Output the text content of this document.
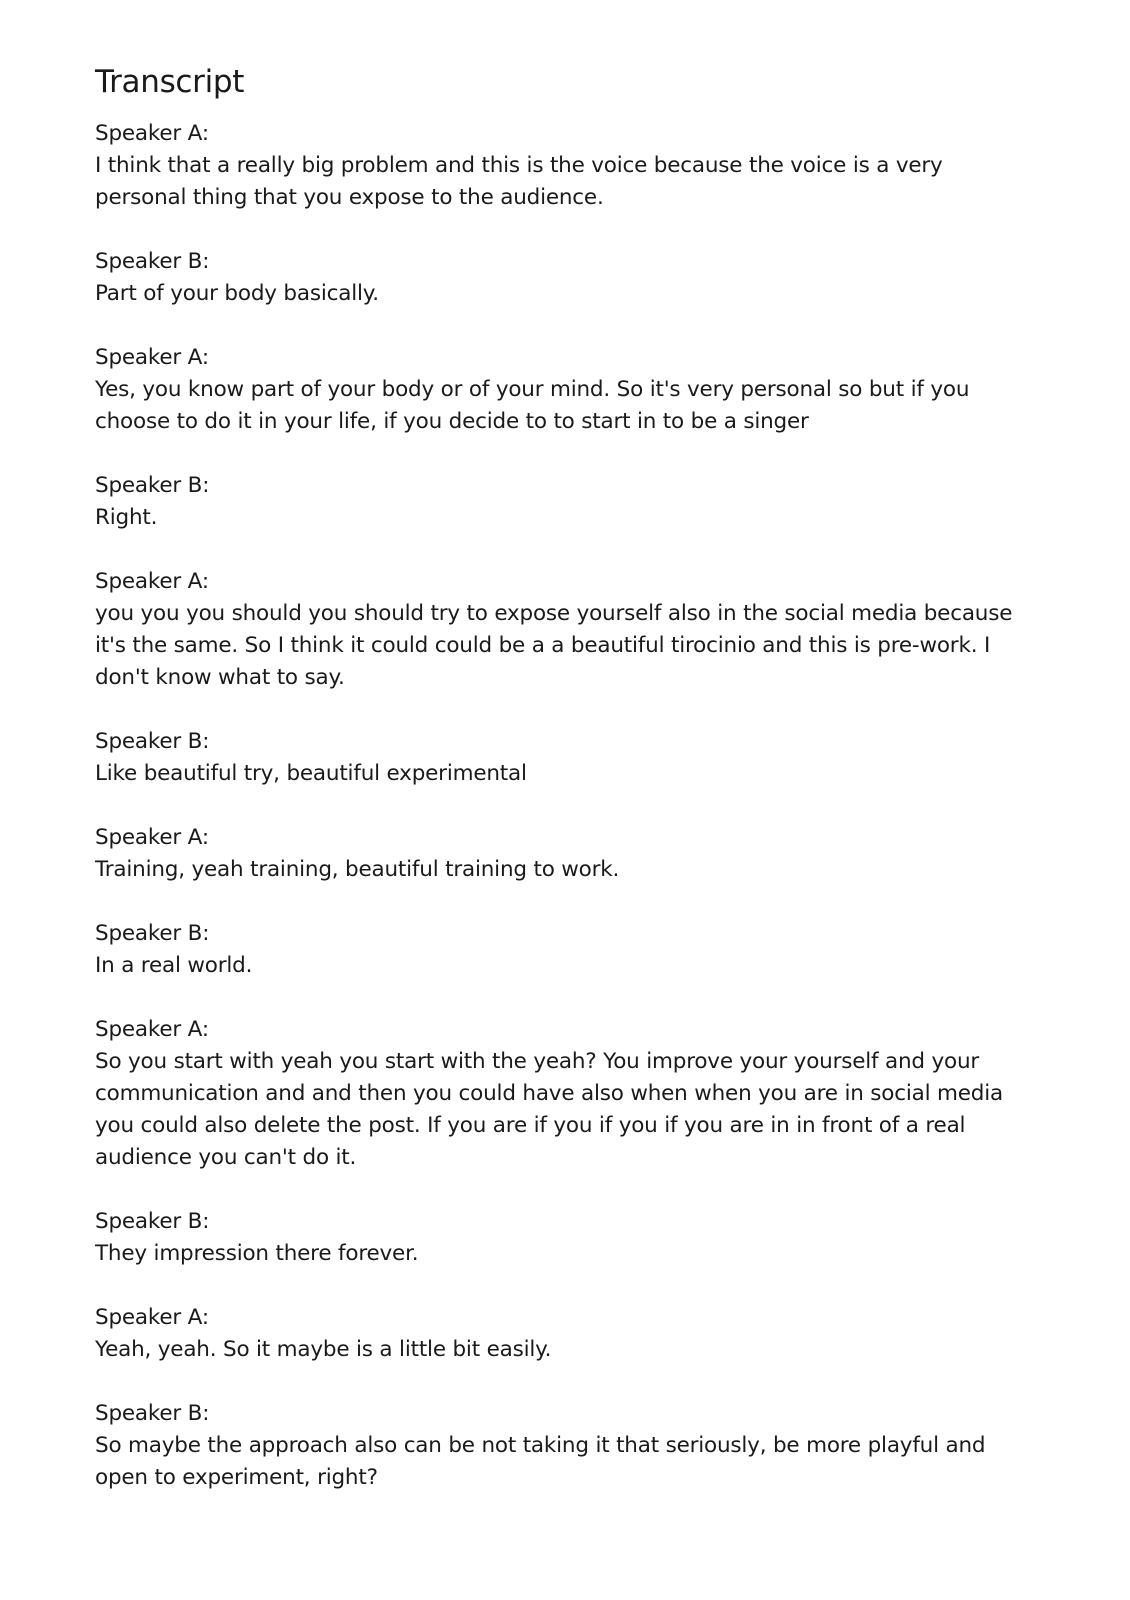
Transcript
Speaker A:
I think that a really big problem and this is the voice because the voice is a very personal thing that you expose to the audience.
Speaker B:
Part of your body basically.
Speaker A:
Yes, you know part of your body or of your mind. So it's very personal so but if you choose to do it in your life, if you decide to to start in to be a singer
Speaker B:
Right.
Speaker A:
you you you should you should try to expose yourself also in the social media because it's the same. So I think it could could be a a beautiful tirocinio and this is pre-work. I don't know what to say.
Speaker B:
Like beautiful try, beautiful experimental
Speaker A:
Training, yeah training, beautiful training to work.
Speaker B:
In a real world.
Speaker A:
So you start with yeah you start with the yeah? You improve your yourself and your communication and and then you could have also when when you are in social media you could also delete the post. If you are if you if you if you are in in front of a real audience you can't do it.
Speaker B:
They impression there forever.
Speaker A:
Yeah, yeah. So it maybe is a little bit easily.
Speaker B:
So maybe the approach also can be not taking it that seriously, be more playful and open to experiment, right?
